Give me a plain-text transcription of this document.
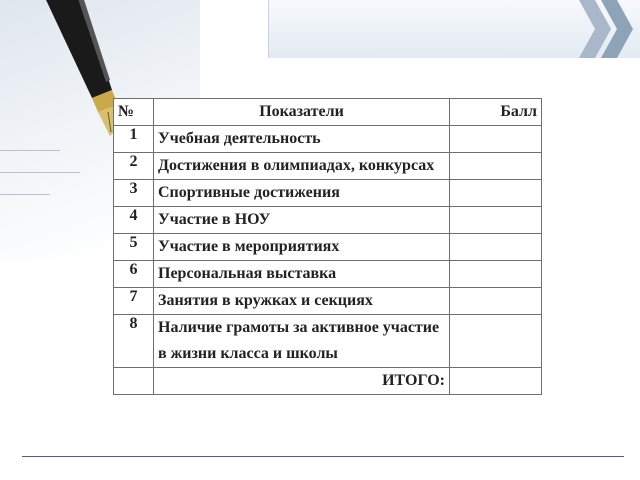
№	Показатели	Балл
1	Учебная деятельность	
2	Достижения в олимпиадах, конкурсах	
3	Спортивные достижения	
4	Участие в НОУ	
5	Участие в мероприятиях	
6	Персональная выставка	
7	Занятия в кружках и секциях	
8	Наличие грамоты за активное участие в жизни класса и школы	
	ИТОГО:	
